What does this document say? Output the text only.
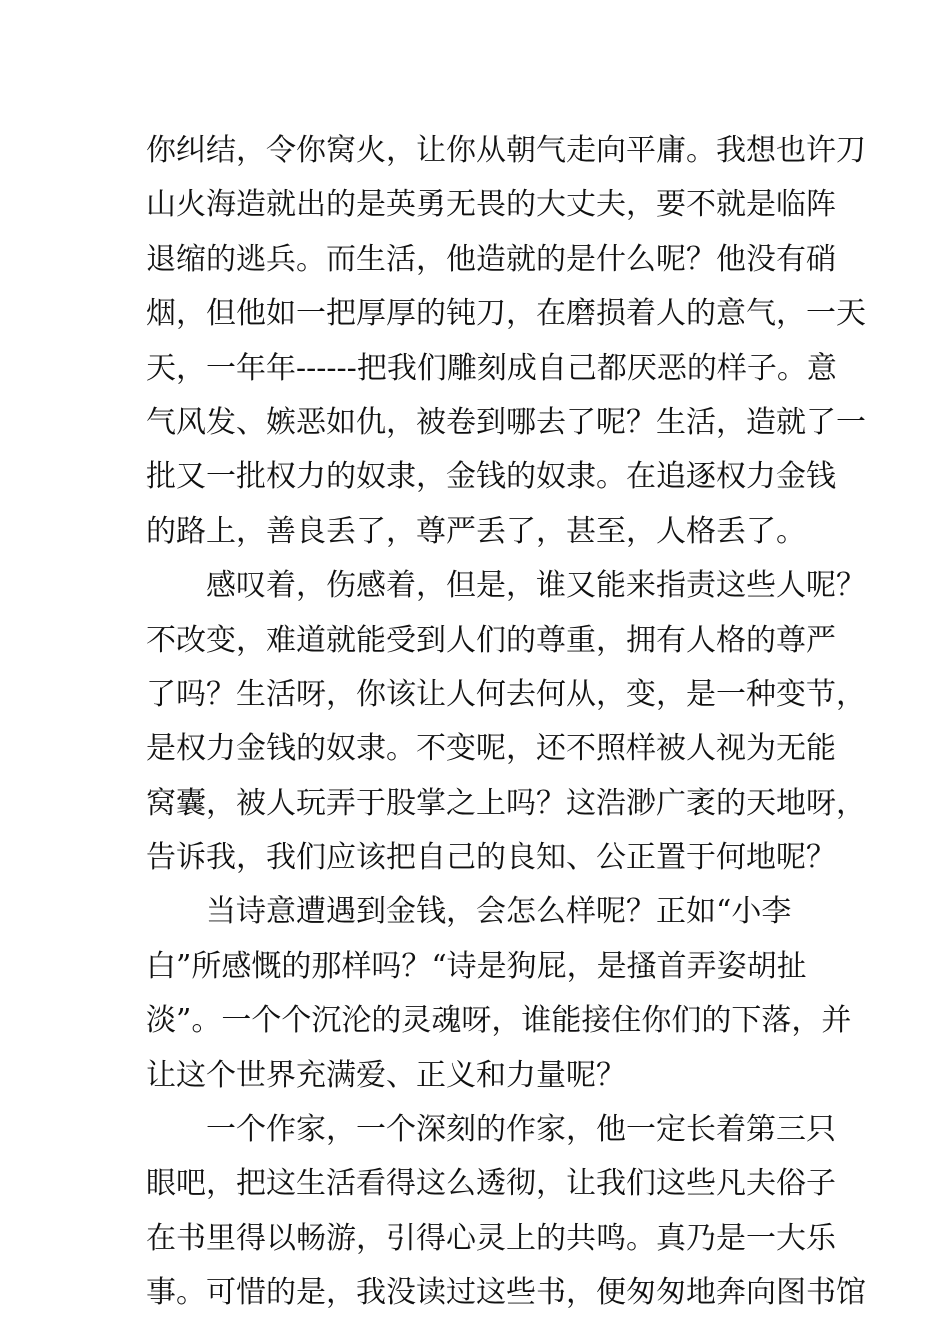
你纠结，令你窝火，让你从朝气走向平庸。我想也许刀
山火海造就出的是英勇无畏的大丈夫，要不就是临阵
退缩的逃兵。而生活，他造就的是什么呢？他没有硝
烟，但他如一把厚厚的钝刀，在磨损着人的意气，一天
天，一年年------把我们雕刻成自己都厌恶的样子。意
气风发、嫉恶如仇，被卷到哪去了呢？生活，造就了一
批又一批权力的奴隶，金钱的奴隶。在追逐权力金钱
的路上，善良丢了，尊严丢了，甚至，人格丢了。
感叹着，伤感着，但是，谁又能来指责这些人呢？
不改变，难道就能受到人们的尊重，拥有人格的尊严
了吗？生活呀，你该让人何去何从，变，是一种变节，
是权力金钱的奴隶。不变呢，还不照样被人视为无能
窝囊，被人玩弄于股掌之上吗？这浩渺广袤的天地呀，
告诉我，我们应该把自己的良知、公正置于何地呢？
当诗意遭遇到金钱，会怎么样呢？正如“小李
白”所感慨的那样吗？“诗是狗屁，是搔首弄姿胡扯
淡”。一个个沉沦的灵魂呀，谁能接住你们的下落，并
让这个世界充满爱、正义和力量呢？
一个作家，一个深刻的作家，他一定长着第三只
眼吧，把这生活看得这么透彻，让我们这些凡夫俗子
在书里得以畅游，引得心灵上的共鸣。真乃是一大乐
事。可惜的是，我没读过这些书，便匆匆地奔向图书馆
